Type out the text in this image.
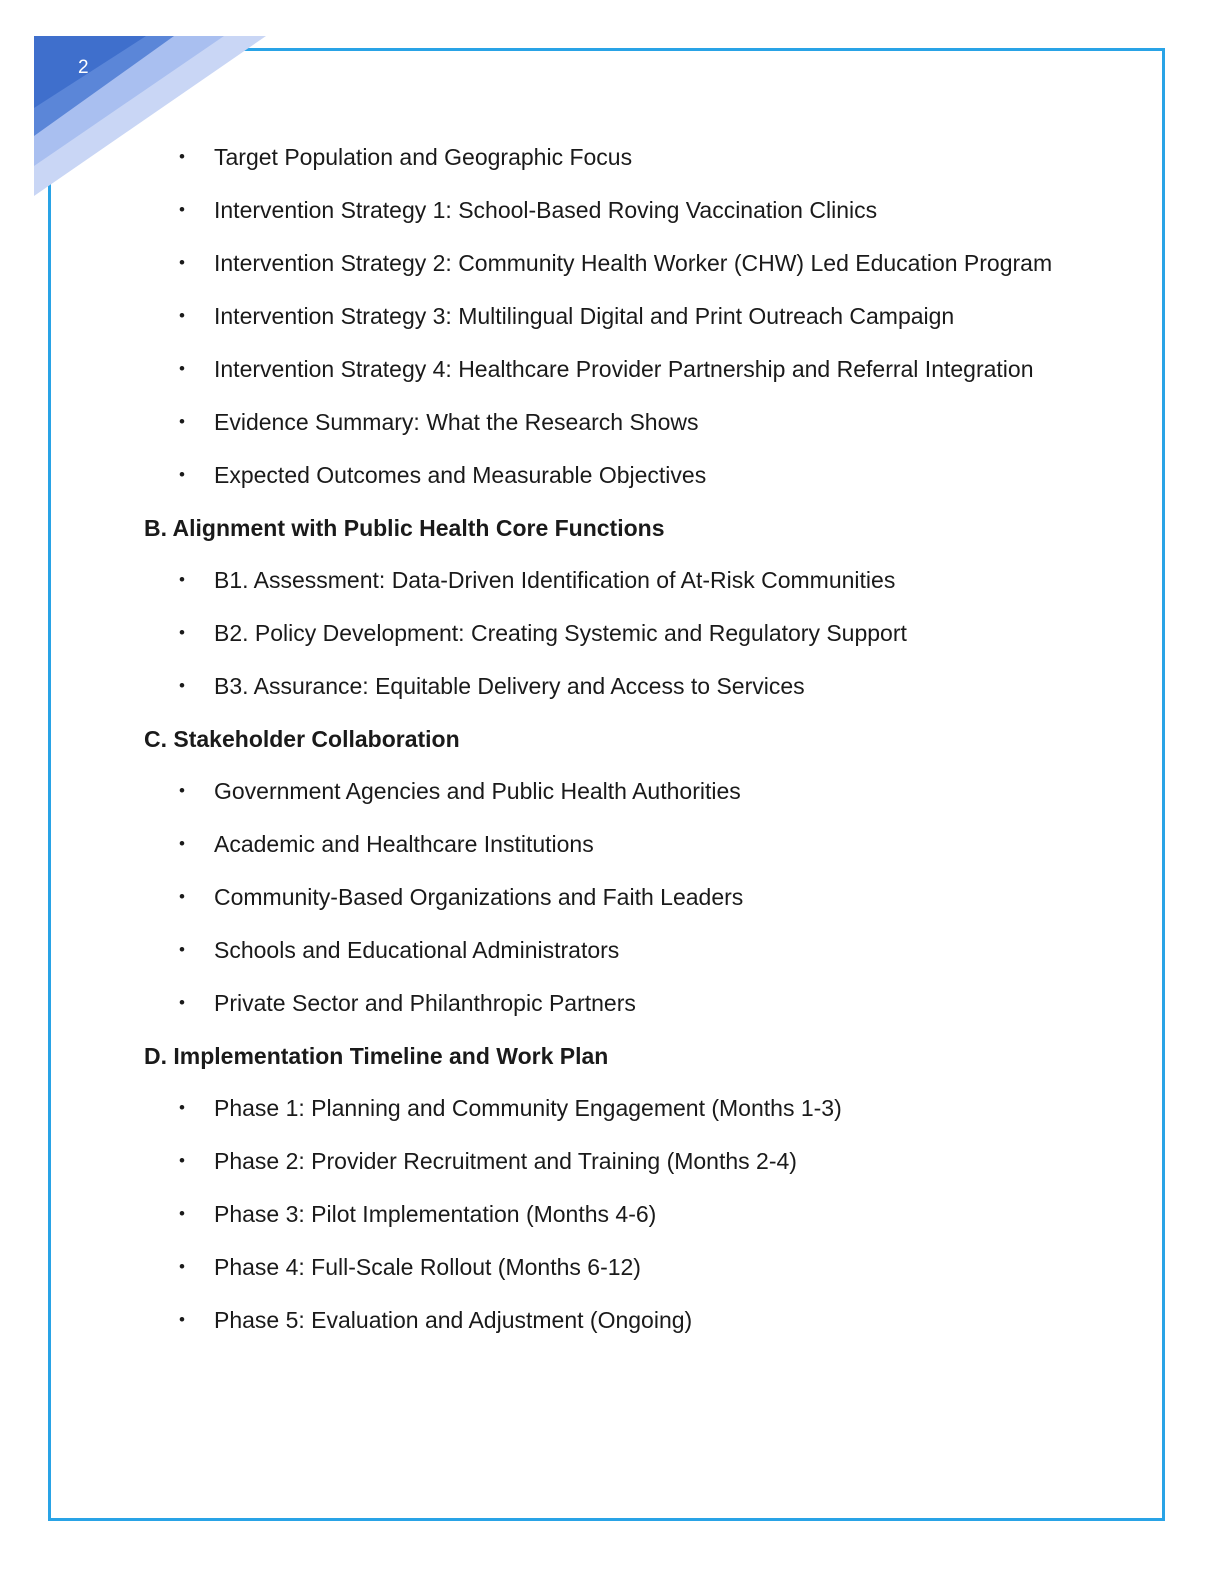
2
• Target Population and Geographic Focus
• Intervention Strategy 1: School-Based Roving Vaccination Clinics
• Intervention Strategy 2: Community Health Worker (CHW) Led Education Program
• Intervention Strategy 3: Multilingual Digital and Print Outreach Campaign
• Intervention Strategy 4: Healthcare Provider Partnership and Referral Integration
• Evidence Summary: What the Research Shows
• Expected Outcomes and Measurable Objectives
B. Alignment with Public Health Core Functions
• B1. Assessment: Data-Driven Identification of At-Risk Communities
• B2. Policy Development: Creating Systemic and Regulatory Support
• B3. Assurance: Equitable Delivery and Access to Services
C. Stakeholder Collaboration
• Government Agencies and Public Health Authorities
• Academic and Healthcare Institutions
• Community-Based Organizations and Faith Leaders
• Schools and Educational Administrators
• Private Sector and Philanthropic Partners
D. Implementation Timeline and Work Plan
• Phase 1: Planning and Community Engagement (Months 1-3)
• Phase 2: Provider Recruitment and Training (Months 2-4)
• Phase 3: Pilot Implementation (Months 4-6)
• Phase 4: Full-Scale Rollout (Months 6-12)
• Phase 5: Evaluation and Adjustment (Ongoing)
